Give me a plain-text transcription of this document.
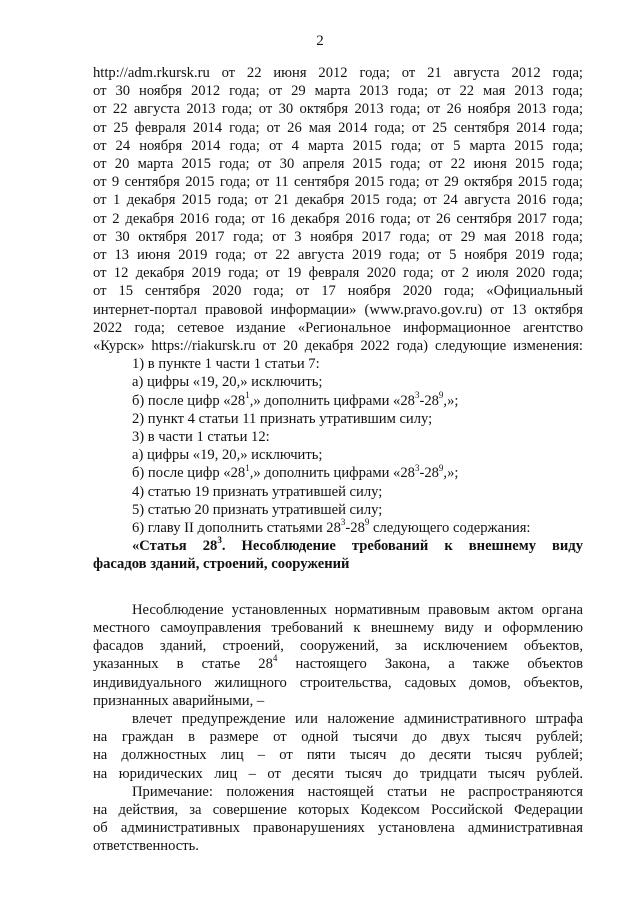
2
http://adm.rkursk.ru от 22 июня 2012 года; от 21 августа 2012 года;
от 30 ноября 2012 года; от 29 марта 2013 года; от 22 мая 2013 года;
от 22 августа 2013 года; от 30 октября 2013 года; от 26 ноября 2013 года;
от 25 февраля 2014 года; от 26 мая 2014 года; от 25 сентября 2014 года;
от 24 ноября 2014 года; от 4 марта 2015 года; от 5 марта 2015 года;
от 20 марта 2015 года; от 30 апреля 2015 года; от 22 июня 2015 года;
от 9 сентября 2015 года; от 11 сентября 2015 года; от 29 октября 2015 года;
от 1 декабря 2015 года; от 21 декабря 2015 года; от 24 августа 2016 года;
от 2 декабря 2016 года; от 16 декабря 2016 года; от 26 сентября 2017 года;
от 30 октября 2017 года; от 3 ноября 2017 года; от 29 мая 2018 года;
от 13 июня 2019 года; от 22 августа 2019 года; от 5 ноября 2019 года;
от 12 декабря 2019 года; от 19 февраля 2020 года; от 2 июля 2020 года;
от 15 сентября 2020 года; от 17 ноября 2020 года; «Официальный
интернет-портал правовой информации» (www.pravo.gov.ru) от 13 октября
2022 года; сетевое издание «Региональное информационное агентство
«Курск» https://riakursk.ru от 20 декабря 2022 года) следующие изменения:
1) в пункте 1 части 1 статьи 7:
а) цифры «19, 20,» исключить;
б) после цифр «$28^1$,» дополнить цифрами «$28^3-28^9$,»;
2) пункт 4 статьи 11 признать утратившим силу;
3) в части 1 статьи 12:
а) цифры «19, 20,» исключить;
б) после цифр «$28^1$,» дополнить цифрами «$28^3-28^9$,»;
4) статью 19 признать утратившей силу;
5) статью 20 признать утратившей силу;
6) главу II дополнить статьями $28^3-28^9$ следующего содержания:
«Статья $28^3$. Несоблюдение требований к внешнему виду
фасадов зданий, строений, сооружений
Несоблюдение установленных нормативным правовым актом органа
местного самоуправления требований к внешнему виду и оформлению
фасадов зданий, строений, сооружений, за исключением объектов,
указанных в статье $28^4$ настоящего Закона, а также объектов
индивидуального жилищного строительства, садовых домов, объектов,
признанных аварийными, –
влечет предупреждение или наложение административного штрафа
на граждан в размере от одной тысячи до двух тысяч рублей;
на должностных лиц – от пяти тысяч до десяти тысяч рублей;
на юридических лиц – от десяти тысяч до тридцати тысяч рублей.
Примечание: положения настоящей статьи не распространяются
на действия, за совершение которых Кодексом Российской Федерации
об административных правонарушениях установлена административная
ответственность.
